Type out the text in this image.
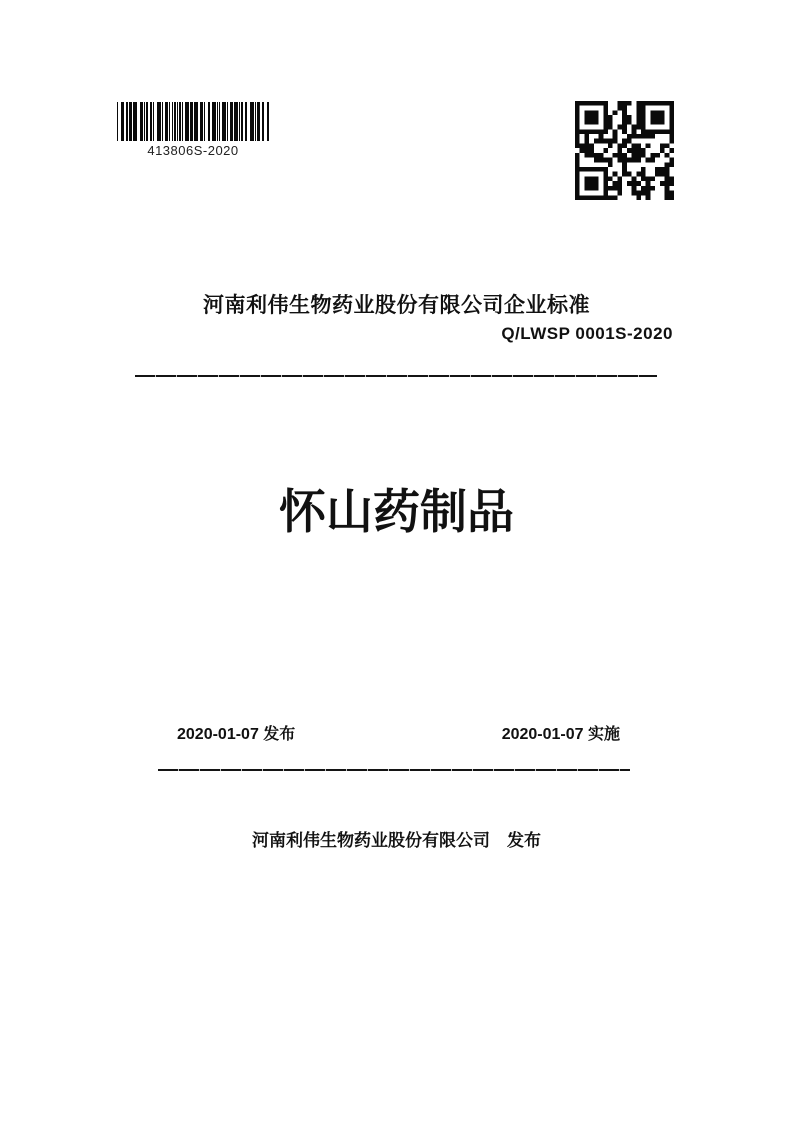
413806S-2020
河南利伟生物药业股份有限公司企业标准
Q/LWSP 0001S-2020
怀山药制品
2020-01-07 发布	2020-01-07 实施
河南利伟生物药业股份有限公司　发布
